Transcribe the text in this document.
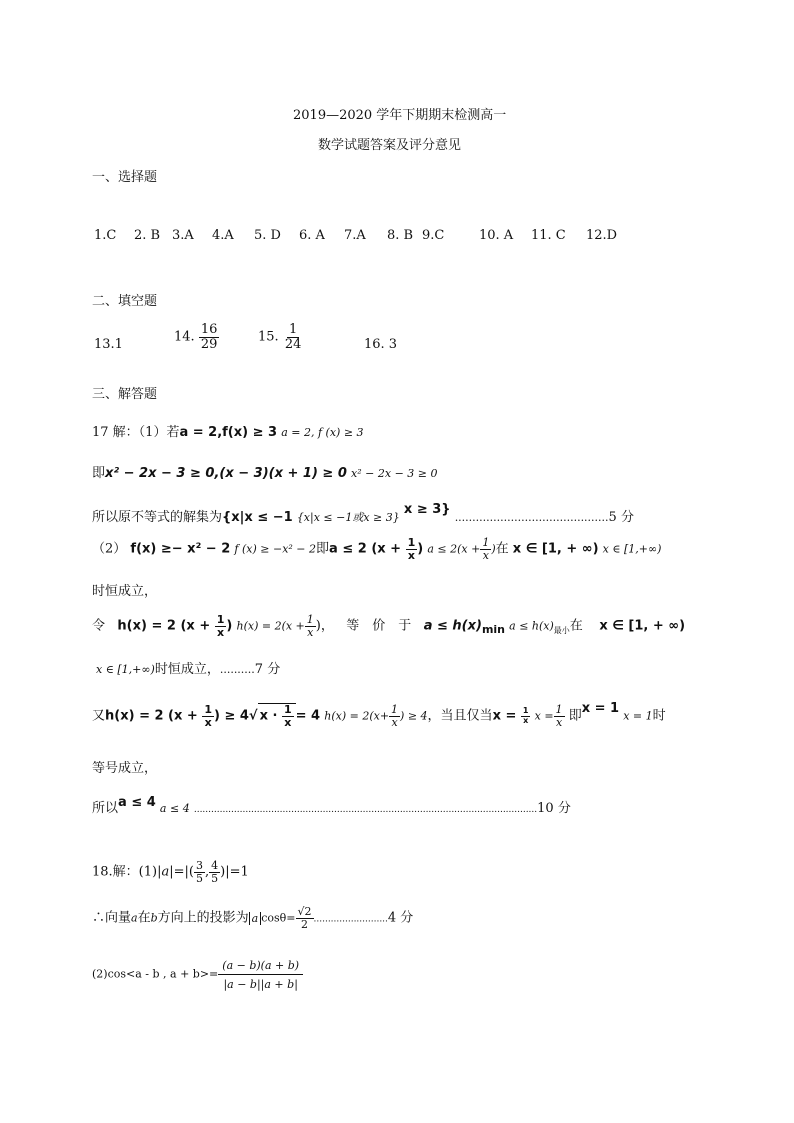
2019—2020 学年下期期末检测高一
数学试题答案及评分意见
一、选择题
1.C 2. B 3.A 4.A 5. D 6. A 7.A 8. B 9.C	10. A 11. C 12.D
二、填空题
13.1	14. $\frac{16}{29}$	15. $\frac{1}{24}$	16. 3
三、解答题
17 解：（1）若a = 2,f(x) ≥ 3 a = 2, f (x) ≥ 3
即x² − 2x − 3 ≥ 0,(x − 3)(x + 1) ≥ 0 x² − 2x − 3 ≥ 0
所以原不等式的解集为{x|x ≤ −1 {x|x ≤ −1或x ≥ 3} x ≥ 3} ............................................5 分
（2） f(x) ≥− x² − 2 f (x) ≥ −x² − 2即a ≤ 2 ($x + \frac{1}{x}$ ) $a \le 2(x + \frac{1}{x}$ )在 x ∈ [1, + ∞) x ∈ [1,+∞)
时恒成立，
令 h(x) = 2 ($x + \frac{1}{x}$ ) $h(x) = 2(x + \frac{1}{x}$ )， 等　价　于 $a \le h(x)_{min}$ $a \le h(x)_{最小}$在 x ∈ [1, + ∞)
x ∈ [1,+∞)时恒成立，..........7 分
又h(x) = 2 ($x + \frac{1}{x}$ ) ≥ 4√ $x \cdot \frac{1}{x} = 4$ $h(x) = 2(x+ \frac{1}{x}$ ) ≥ 4，当且仅当$x = \frac{1}{x}$ $x = \frac{1}{x}$ 即x = 1 x = 1时
等号成立，
所以a ≤ 4 a ≤ 4 ........................................................................................................................10 分
18.解：$(1)|a|=|( \frac{3}{5}$ , $\frac{4}{5} )|=1$
∴向量a在b方向上的投影为 a $\cos\theta= \frac{√2}{2} ..........................4$ 分
(2)cos<a - b , $a + b>= \frac{(a - b)(a + b)}{|a - b||a + b|}$
